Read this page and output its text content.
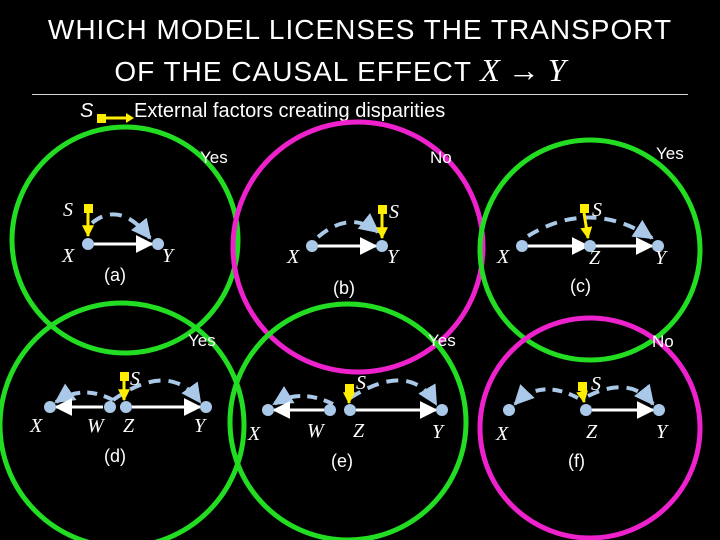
WHICH MODEL LICENSES THE TRANSPORT
OF THE CAUSAL EFFECT X → Y
S External factors creating disparities
Yes
S
X	Y
(a)
No
S
X	Y
(b)
Yes
S
X	Z	Y
(c)
Yes
S
X W Z	Y
(d)
Yes
S
X W Z	Y
(e)
No
S
X	Z	Y
(f)
